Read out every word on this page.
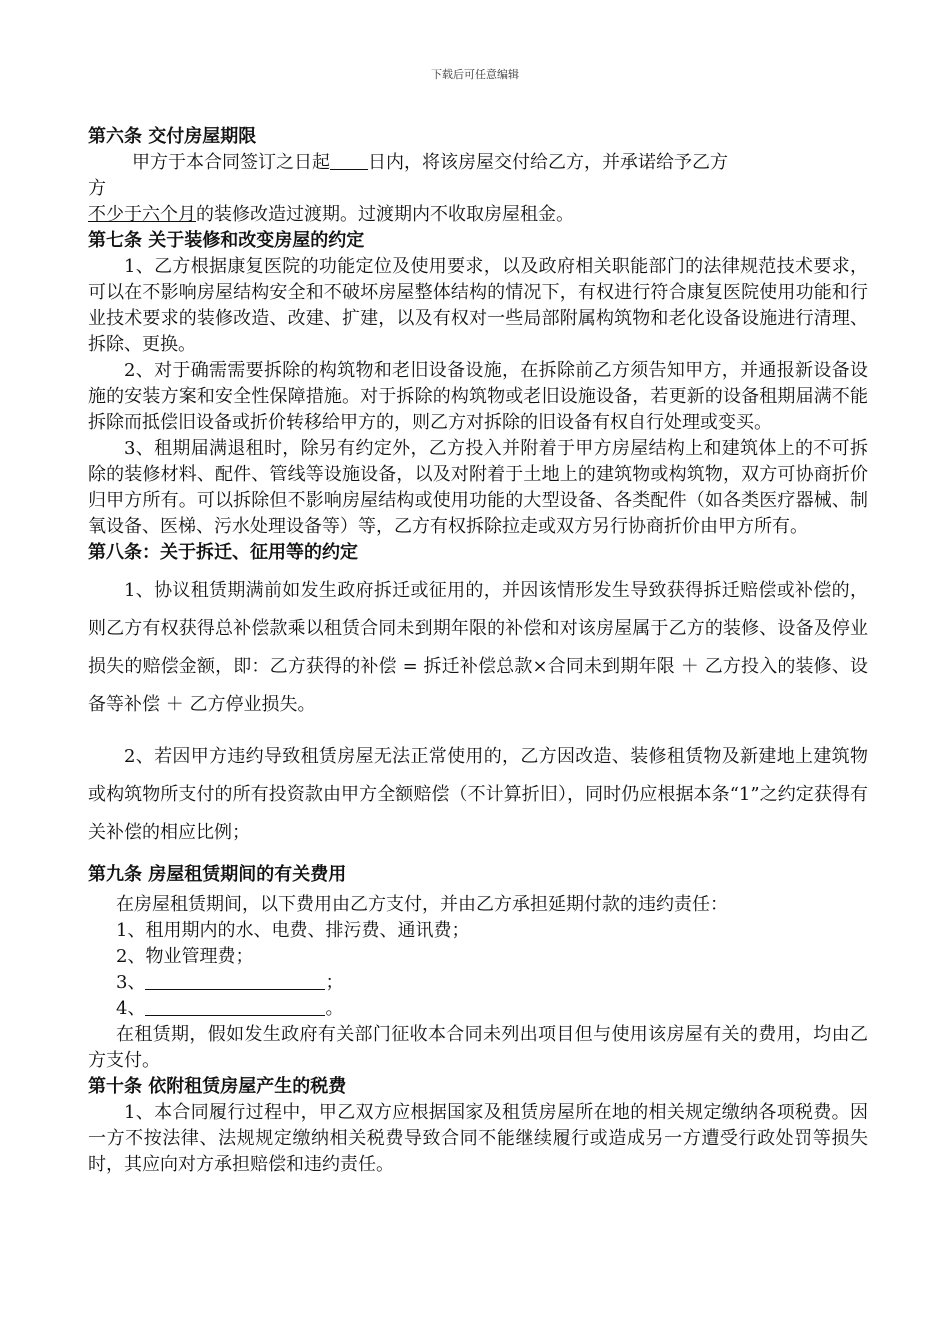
下载后可任意编辑
第六条 交付房屋期限

甲方于本合同签订之日起 日内，将该房屋交付给乙方，并承诺给予乙方

方

不少于六个月的装修改造过渡期。过渡期内不收取房屋租金。

第七条 关于装修和改变房屋的约定

1、乙方根据康复医院的功能定位及使用要求，以及政府相关职能部门的法律规范技术要求，可以在不影响房屋结构安全和不破坏房屋整体结构的情况下，有权进行符合康复医院使用功能和行业技术要求的装修改造、改建、扩建，以及有权对一些局部附属构筑物和老化设备设施进行清理、拆除、更换。

2、对于确需需要拆除的构筑物和老旧设备设施，在拆除前乙方须告知甲方，并通报新设备设施的安装方案和安全性保障措施。对于拆除的构筑物或老旧设施设备，若更新的设备租期届满不能拆除而抵偿旧设备或折价转移给甲方的，则乙方对拆除的旧设备有权自行处理或变买。

3、租期届满退租时，除另有约定外，乙方投入并附着于甲方房屋结构上和建筑体上的不可拆除的装修材料、配件、管线等设施设备，以及对附着于土地上的建筑物或构筑物，双方可协商折价归甲方所有。可以拆除但不影响房屋结构或使用功能的大型设备、各类配件（如各类医疗器械、制氧设备、医梯、污水处理设备等）等，乙方有权拆除拉走或双方另行协商折价由甲方所有。

第八条：关于拆迁、征用等的约定

1、协议租赁期满前如发生政府拆迁或征用的，并因该情形发生导致获得拆迁赔偿或补偿的，则乙方有权获得总补偿款乘以租赁合同未到期年限的补偿和对该房屋属于乙方的装修、设备及停业损失的赔偿金额，即：乙方获得的补偿 = 拆迁补偿总款×合同未到期年限 ＋ 乙方投入的装修、设备等补偿 ＋ 乙方停业损失。

2、若因甲方违约导致租赁房屋无法正常使用的，乙方因改造、装修租赁物及新建地上建筑物或构筑物所支付的所有投资款由甲方全额赔偿（不计算折旧），同时仍应根据本条“1”之约定获得有关补偿的相应比例；

第九条 房屋租赁期间的有关费用

在房屋租赁期间，以下费用由乙方支付，并由乙方承担延期付款的违约责任：

1、租用期内的水、电费、排污费、通讯费；

2、物业管理费；

3、	；

4、	。

在租赁期，假如发生政府有关部门征收本合同未列出项目但与使用该房屋有关的费用，均由乙方支付。

第十条 依附租赁房屋产生的税费

1、本合同履行过程中，甲乙双方应根据国家及租赁房屋所在地的相关规定缴纳各项税费。因一方不按法律、法规规定缴纳相关税费导致合同不能继续履行或造成另一方遭受行政处罚等损失时，其应向对方承担赔偿和违约责任。
